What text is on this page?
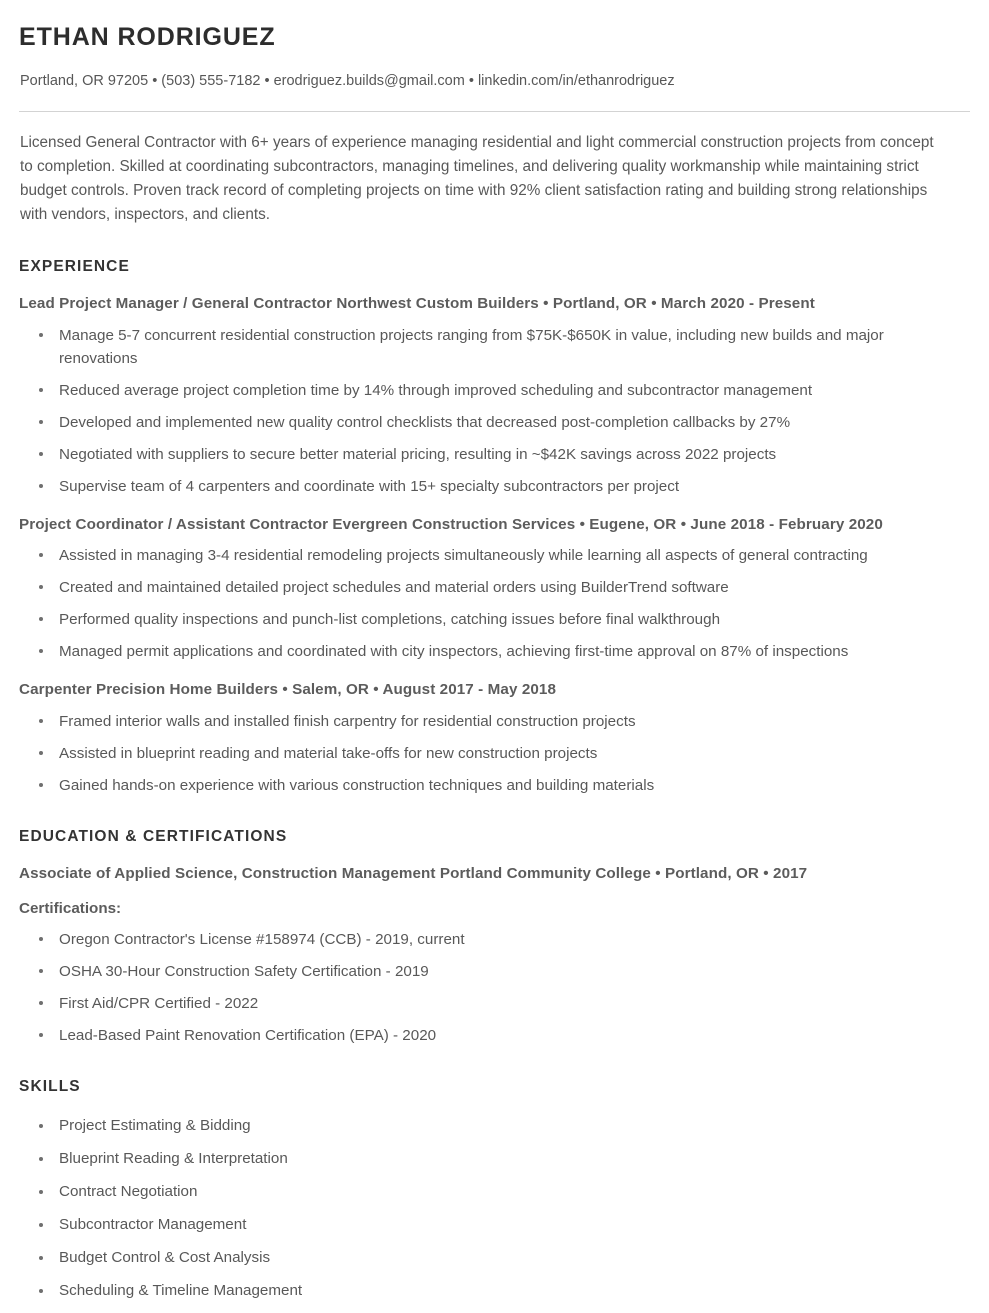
ETHAN RODRIGUEZ
Portland, OR 97205 • (503) 555-7182 • erodriguez.builds@gmail.com • linkedin.com/in/ethanrodriguez

Licensed General Contractor with 6+ years of experience managing residential and light commercial construction projects from concept to completion. Skilled at coordinating subcontractors, managing timelines, and delivering quality workmanship while maintaining strict budget controls. Proven track record of completing projects on time with 92% client satisfaction rating and building strong relationships with vendors, inspectors, and clients.

EXPERIENCE
Lead Project Manager / General Contractor Northwest Custom Builders • Portland, OR • March 2020 - Present
Manage 5-7 concurrent residential construction projects ranging from $75K-$650K in value, including new builds and major renovations
Reduced average project completion time by 14% through improved scheduling and subcontractor management
Developed and implemented new quality control checklists that decreased post-completion callbacks by 27%
Negotiated with suppliers to secure better material pricing, resulting in ~$42K savings across 2022 projects
Supervise team of 4 carpenters and coordinate with 15+ specialty subcontractors per project
Project Coordinator / Assistant Contractor Evergreen Construction Services • Eugene, OR • June 2018 - February 2020
Assisted in managing 3-4 residential remodeling projects simultaneously while learning all aspects of general contracting
Created and maintained detailed project schedules and material orders using BuilderTrend software
Performed quality inspections and punch-list completions, catching issues before final walkthrough
Managed permit applications and coordinated with city inspectors, achieving first-time approval on 87% of inspections
Carpenter Precision Home Builders • Salem, OR • August 2017 - May 2018
Framed interior walls and installed finish carpentry for residential construction projects
Assisted in blueprint reading and material take-offs for new construction projects
Gained hands-on experience with various construction techniques and building materials
EDUCATION & CERTIFICATIONS
Associate of Applied Science, Construction Management Portland Community College • Portland, OR • 2017
Certifications:
Oregon Contractor's License #158974 (CCB) - 2019, current
OSHA 30-Hour Construction Safety Certification - 2019
First Aid/CPR Certified - 2022
Lead-Based Paint Renovation Certification (EPA) - 2020
SKILLS
Project Estimating & Bidding
Blueprint Reading & Interpretation
Contract Negotiation
Subcontractor Management
Budget Control & Cost Analysis
Scheduling & Timeline Management
